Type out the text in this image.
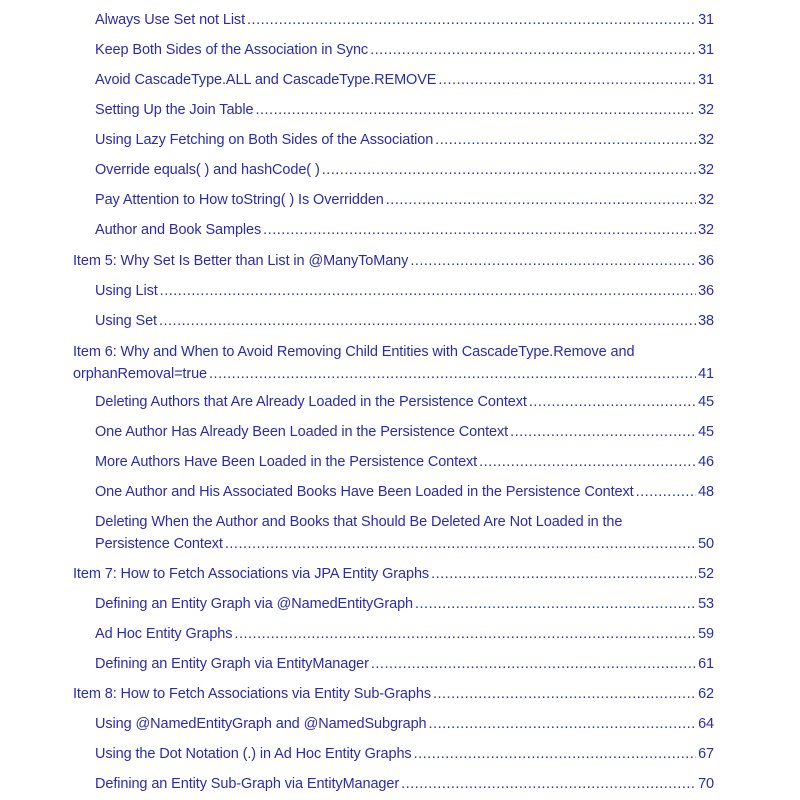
Always Use Set not List .....	31
Keep Both Sides of the Association in Sync .....	31
Avoid CascadeType.ALL and CascadeType.REMOVE .....	31
Setting Up the Join Table .....	32
Using Lazy Fetching on Both Sides of the Association .....	32
Override equals( ) and hashCode( ) .....	32
Pay Attention to How toString( ) Is Overridden .....	32
Author and Book Samples .....	32
Item 5: Why Set Is Better than List in @ManyToMany .....	36
Using List .....	36
Using Set .....	38
Item 6: Why and When to Avoid Removing Child Entities with CascadeType.Remove and
orphanRemoval=true .....	41
Deleting Authors that Are Already Loaded in the Persistence Context .....	45
One Author Has Already Been Loaded in the Persistence Context .....	45
More Authors Have Been Loaded in the Persistence Context .....	46
One Author and His Associated Books Have Been Loaded in the Persistence Context .....	48
Deleting When the Author and Books that Should Be Deleted Are Not Loaded in the
Persistence Context .....	50
Item 7: How to Fetch Associations via JPA Entity Graphs .....	52
Defining an Entity Graph via @NamedEntityGraph .....	53
Ad Hoc Entity Graphs .....	59
Defining an Entity Graph via EntityManager .....	61
Item 8: How to Fetch Associations via Entity Sub-Graphs .....	62
Using @NamedEntityGraph and @NamedSubgraph .....	64
Using the Dot Notation (.) in Ad Hoc Entity Graphs .....	67
Defining an Entity Sub-Graph via EntityManager .....	70
